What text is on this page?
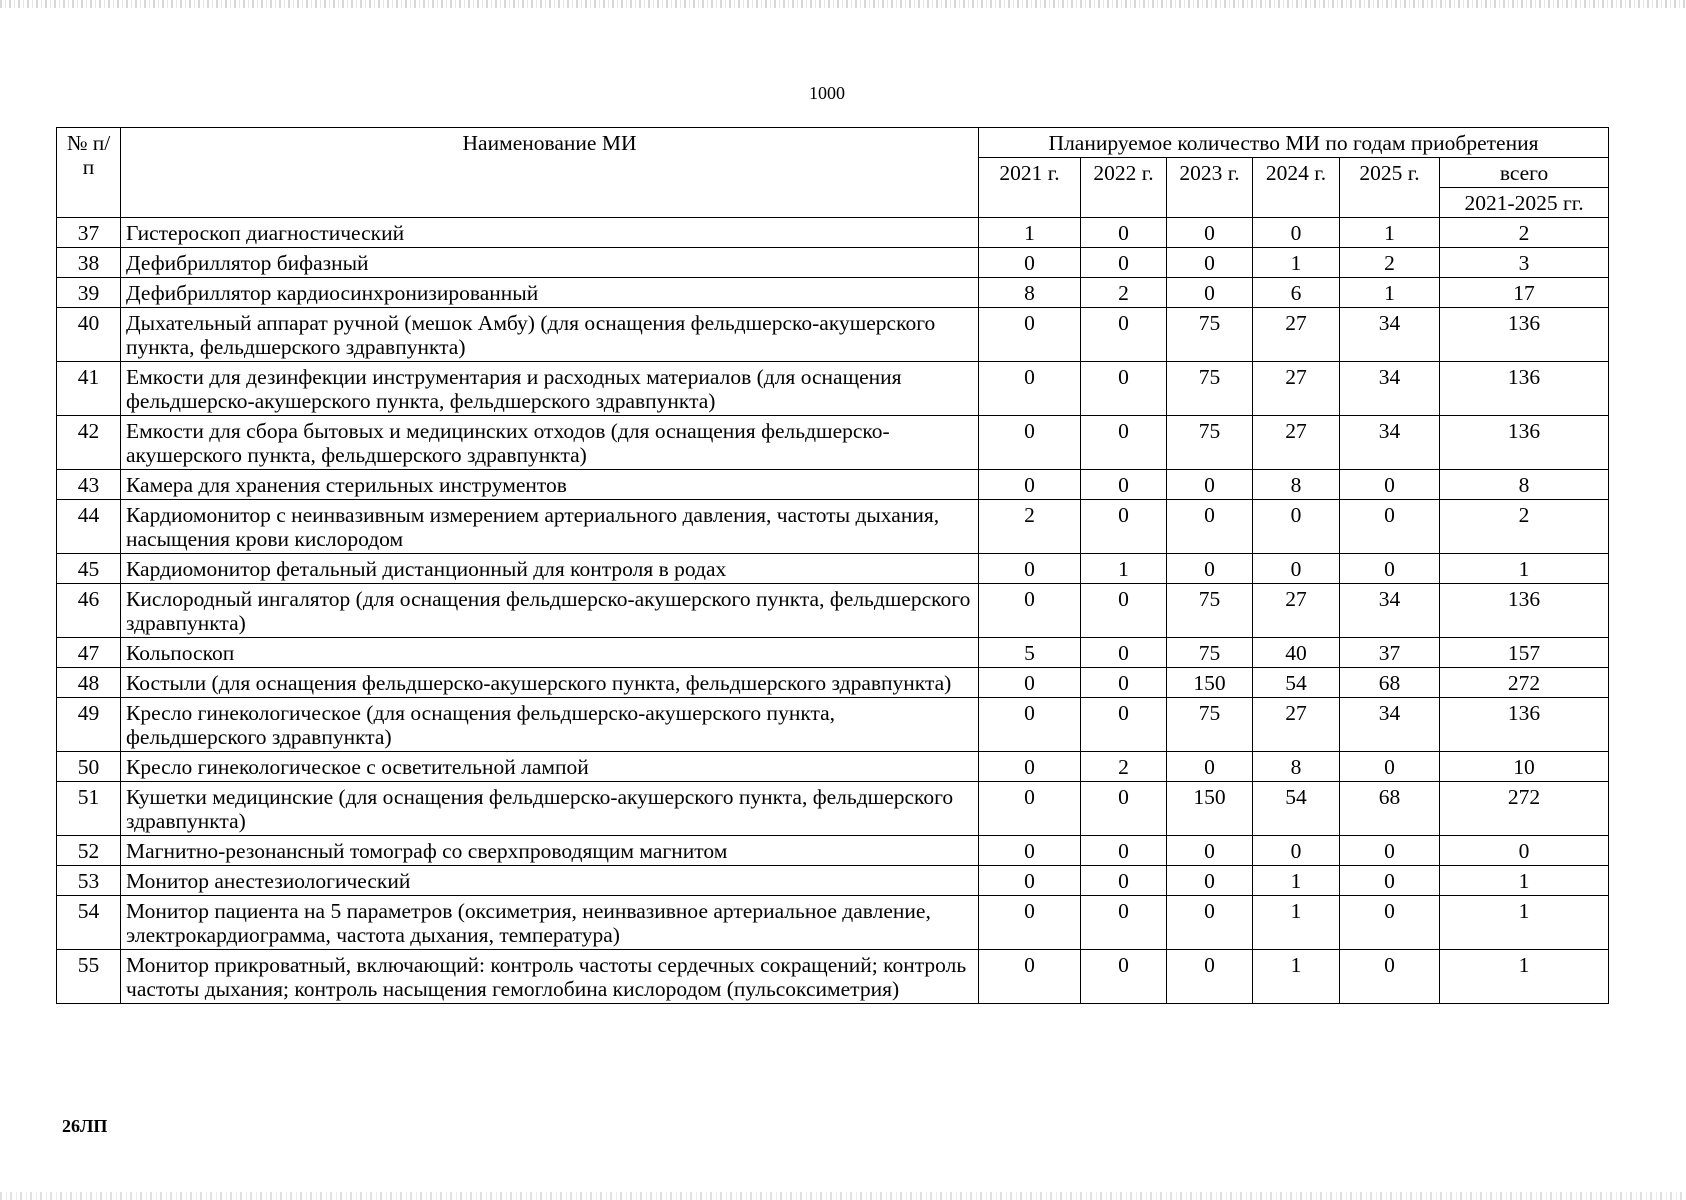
1000
№ п/п	Наименование МИ	Планируемое количество МИ по годам приобретения					
		2021 г.	2022 г.	2023 г.	2024 г.	2025 г.	всего
							2021-2025 гг.
37	Гистероскоп диагностический	1	0	0	0	1	2
38	Дефибриллятор бифазный	0	0	0	1	2	3
39	Дефибриллятор кардиосинхронизированный	8	2	0	6	1	17
40	Дыхательный аппарат ручной (мешок Амбу) (для оснащения фельдшерско-акушерского пункта, фельдшерского здравпункта)	0	0	75	27	34	136
41	Емкости для дезинфекции инструментария и расходных материалов (для оснащения фельдшерско-акушерского пункта, фельдшерского здравпункта)	0	0	75	27	34	136
42	Емкости для сбора бытовых и медицинских отходов (для оснащения фельдшерско-акушерского пункта, фельдшерского здравпункта)	0	0	75	27	34	136
43	Камера для хранения стерильных инструментов	0	0	0	8	0	8
44	Кардиомонитор с неинвазивным измерением артериального давления, частоты дыхания, насыщения крови кислородом	2	0	0	0	0	2
45	Кардиомонитор фетальный дистанционный для контроля в родах	0	1	0	0	0	1
46	Кислородный ингалятор (для оснащения фельдшерско-акушерского пункта, фельдшерского здравпункта)	0	0	75	27	34	136
47	Кольпоскоп	5	0	75	40	37	157
48	Костыли (для оснащения фельдшерско-акушерского пункта, фельдшерского здравпункта)	0	0	150	54	68	272
49	Кресло гинекологическое (для оснащения фельдшерско-акушерского пункта, фельдшерского здравпункта)	0	0	75	27	34	136
50	Кресло гинекологическое с осветительной лампой	0	2	0	8	0	10
51	Кушетки медицинские (для оснащения фельдшерско-акушерского пункта, фельдшерского здравпункта)	0	0	150	54	68	272
52	Магнитно-резонансный томограф со сверхпроводящим магнитом	0	0	0	0	0	0
53	Монитор анестезиологический	0	0	0	1	0	1
54	Монитор пациента на 5 параметров (оксиметрия, неинвазивное артериальное давление, электрокардиограмма, частота дыхания, температура)	0	0	0	1	0	1
55	Монитор прикроватный, включающий: контроль частоты сердечных сокращений; контроль частоты дыхания; контроль насыщения гемоглобина кислородом (пульсоксиметрия)	0	0	0	1	0	1
26ЛП
